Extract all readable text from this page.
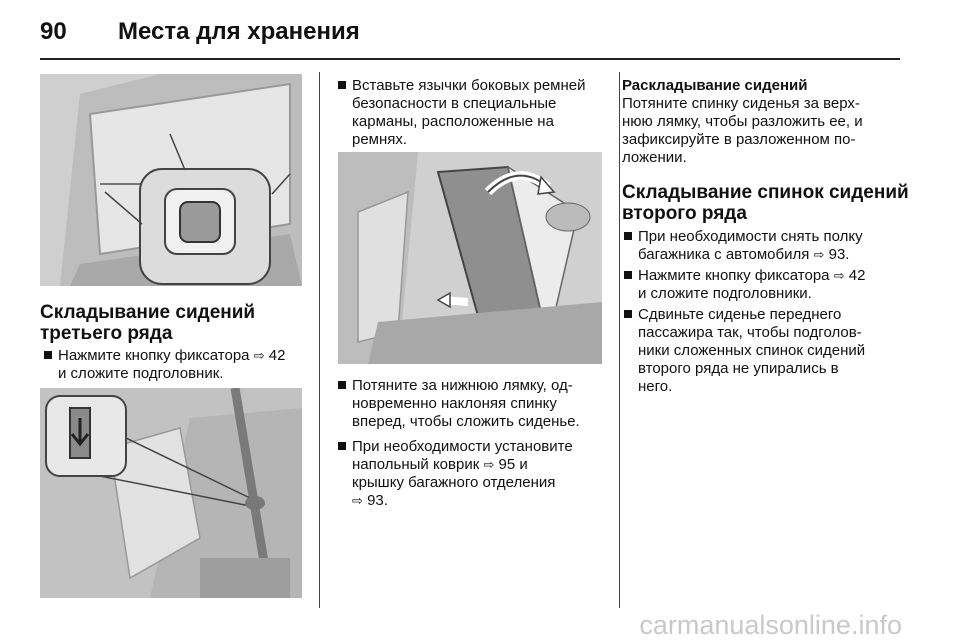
90 Места для хранения
Складывание сидений
третьего ряда
Нажмите кнопку фиксатора ⇨ 42
и сложите подголовник.
Вставьте язычки боковых ремней
безопасности в специальные
карманы, расположенные на
ремнях.
Потяните за нижнюю лямку, од-
новременно наклоняя спинку
вперед, чтобы сложить сиденье.
При необходимости установите
напольный коврик ⇨ 95 и
крышку багажного отделения
⇨ 93.
Раскладывание сидений
Потяните спинку сиденья за верх-
нюю лямку, чтобы разложить ее, и
зафиксируйте в разложенном по-
ложении.
Складывание спинок сидений
второго ряда
При необходимости снять полку
багажника с автомобиля ⇨ 93.
Нажмите кнопку фиксатора ⇨ 42
и сложите подголовники.
Сдвиньте сиденье переднего
пассажира так, чтобы подголов-
ники сложенных спинок сидений
второго ряда не упирались в
него.
carmanualsonline.info
